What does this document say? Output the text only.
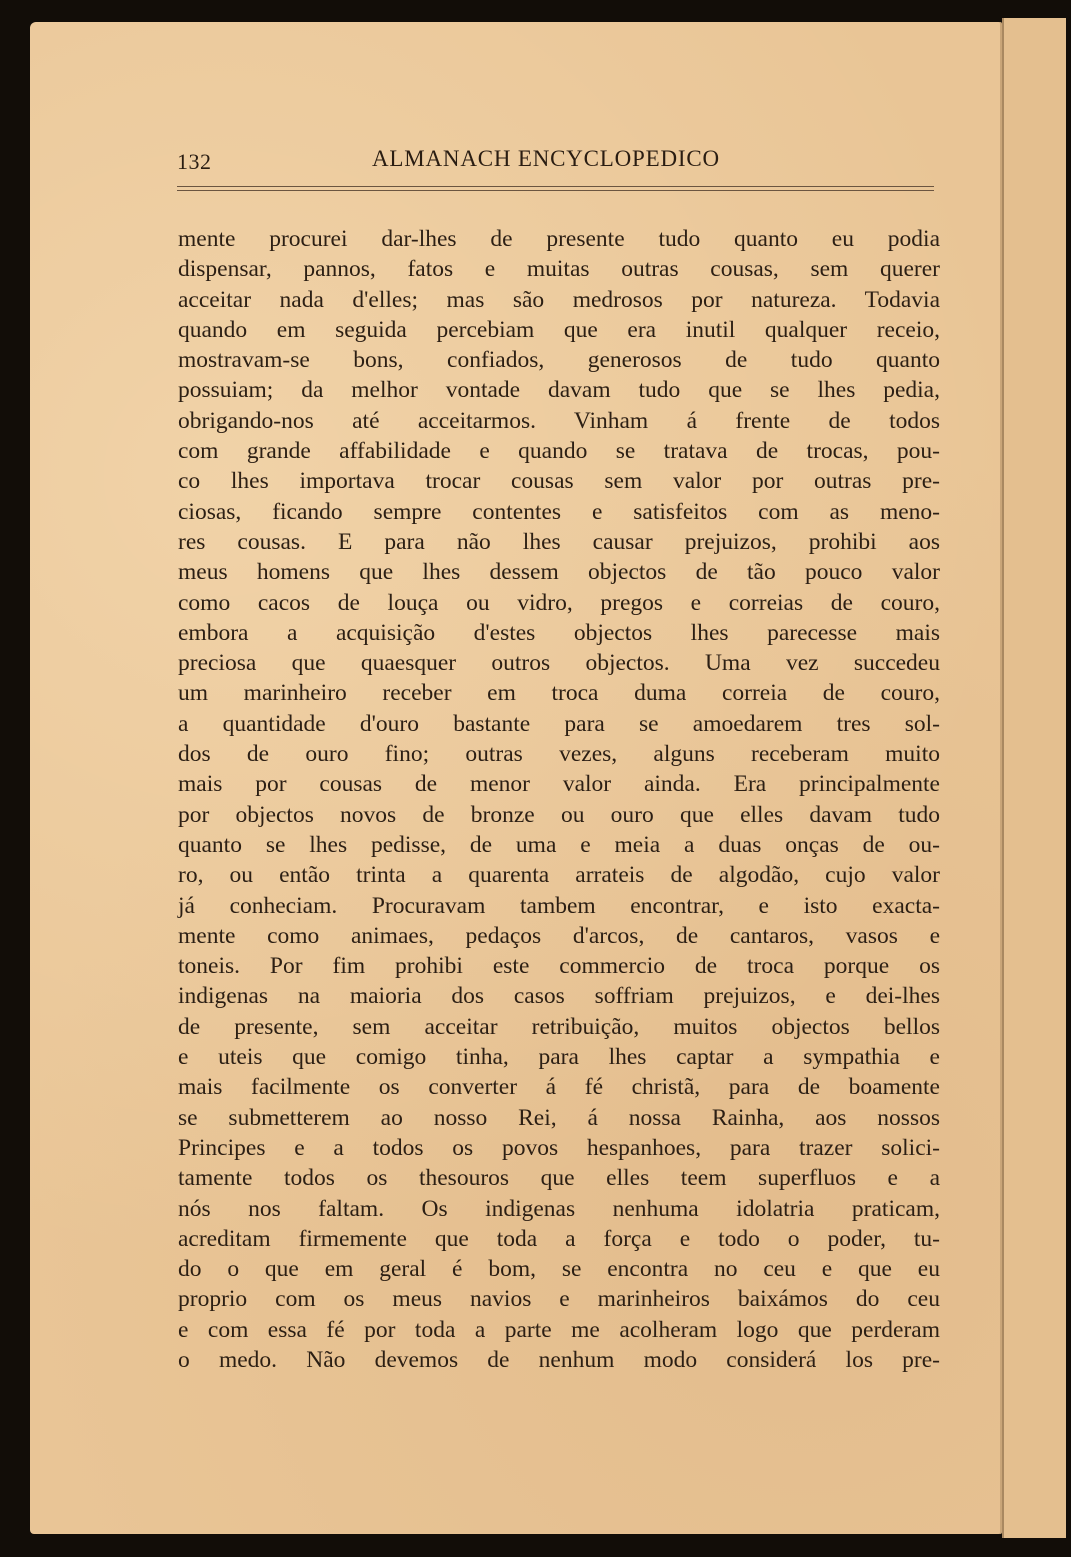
132	ALMANACH ENCYCLOPEDICO
mente procurei dar-lhes de presente tudo quanto eu podia
dispensar, pannos, fatos e muitas outras cousas, sem querer
acceitar nada d'elles; mas são medrosos por natureza. Todavia
quando em seguida percebiam que era inutil qualquer receio,
mostravam-se bons, confiados, generosos de tudo quanto
possuiam; da melhor vontade davam tudo que se lhes pedia,
obrigando-nos até acceitarmos. Vinham á frente de todos
com grande affabilidade e quando se tratava de trocas, pou-
co lhes importava trocar cousas sem valor por outras pre-
ciosas, ficando sempre contentes e satisfeitos com as meno-
res cousas. E para não lhes causar prejuizos, prohibi aos
meus homens que lhes dessem objectos de tão pouco valor
como cacos de louça ou vidro, pregos e correias de couro,
embora a acquisição d'estes objectos lhes parecesse mais
preciosa que quaesquer outros objectos. Uma vez succedeu
um marinheiro receber em troca duma correia de couro,
a quantidade d'ouro bastante para se amoedarem tres sol-
dos de ouro fino; outras vezes, alguns receberam muito
mais por cousas de menor valor ainda. Era principalmente
por objectos novos de bronze ou ouro que elles davam tudo
quanto se lhes pedisse, de uma e meia a duas onças de ou-
ro, ou então trinta a quarenta arrateis de algodão, cujo valor
já conheciam. Procuravam tambem encontrar, e isto exacta-
mente como animaes, pedaços d'arcos, de cantaros, vasos e
toneis. Por fim prohibi este commercio de troca porque os
indigenas na maioria dos casos soffriam prejuizos, e dei-lhes
de presente, sem acceitar retribuição, muitos objectos bellos
e uteis que comigo tinha, para lhes captar a sympathia e
mais facilmente os converter á fé christã, para de boamente
se submetterem ao nosso Rei, á nossa Rainha, aos nossos
Principes e a todos os povos hespanhoes, para trazer solici-
tamente todos os thesouros que elles teem superfluos e a
nós nos faltam. Os indigenas nenhuma idolatria praticam,
acreditam firmemente que toda a força e todo o poder, tu-
do o que em geral é bom, se encontra no ceu e que eu
proprio com os meus navios e marinheiros baixámos do ceu
e com essa fé por toda a parte me acolheram logo que perderam
o medo. Não devemos de nenhum modo considerá los pre-
